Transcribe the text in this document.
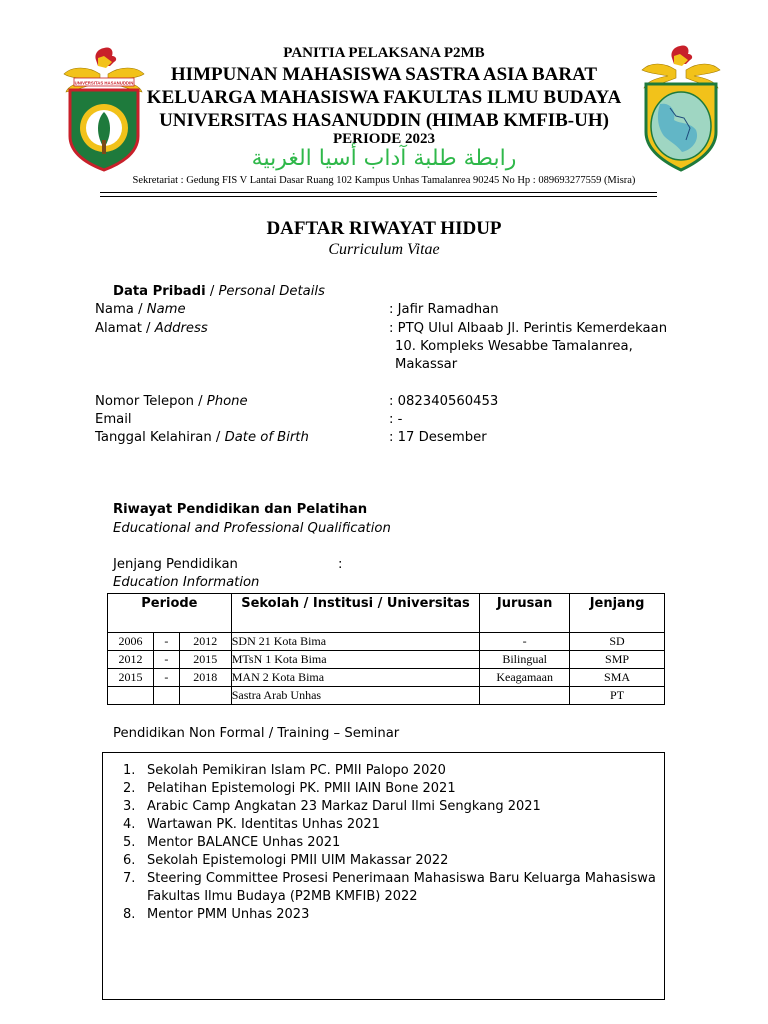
UNIVERSITAS HASANUDDIN
PANITIA PELAKSANA P2MB
HIMPUNAN MAHASISWA SASTRA ASIA BARAT
KELUARGA MAHASISWA FAKULTAS ILMU BUDAYA
UNIVERSITAS HASANUDDIN (HIMAB KMFIB-UH)
PERIODE 2023
رابطة طلبة آداب أسيا الغربية
Sekretariat : Gedung FIS V Lantai Dasar Ruang 102 Kampus Unhas Tamalanrea 90245 No Hp : 089693277559 (Misra)
DAFTAR RIWAYAT HIDUP
Curriculum Vitae
Data Pribadi / Personal Details
Nama / Name	: Jafir Ramadhan
Alamat / Address	: PTQ Ulul Albaab Jl. Perintis Kemerdekaan
10. Kompleks Wesabbe Tamalanrea,
Makassar
Nomor Telepon / Phone	: 082340560453
Email	: -
Tanggal Kelahiran / Date of Birth	: 17 Desember
Riwayat Pendidikan dan Pelatihan
Educational and Professional Qualification
Jenjang Pendidikan	:
Education Information
Periode			Sekolah / Institusi / Universitas	Jurusan	Jenjang
2006	-	2012	SDN 21 Kota Bima	-	SD
2012	-	2015	MTsN 1 Kota Bima	Bilingual	SMP
2015	-	2018	MAN 2 Kota Bima	Keagamaan	SMA
			Sastra Arab Unhas		PT
Pendidikan Non Formal / Training – Seminar
1. Sekolah Pemikiran Islam PC. PMII Palopo 2020
2. Pelatihan Epistemologi PK. PMII IAIN Bone 2021
3. Arabic Camp Angkatan 23 Markaz Darul Ilmi Sengkang 2021
4. Wartawan PK. Identitas Unhas 2021
5. Mentor BALANCE Unhas 2021
6. Sekolah Epistemologi PMII UIM Makassar 2022
7. Steering Committee Prosesi Penerimaan Mahasiswa Baru Keluarga Mahasiswa Fakultas Ilmu Budaya (P2MB KMFIB) 2022
8. Mentor PMM Unhas 2023
